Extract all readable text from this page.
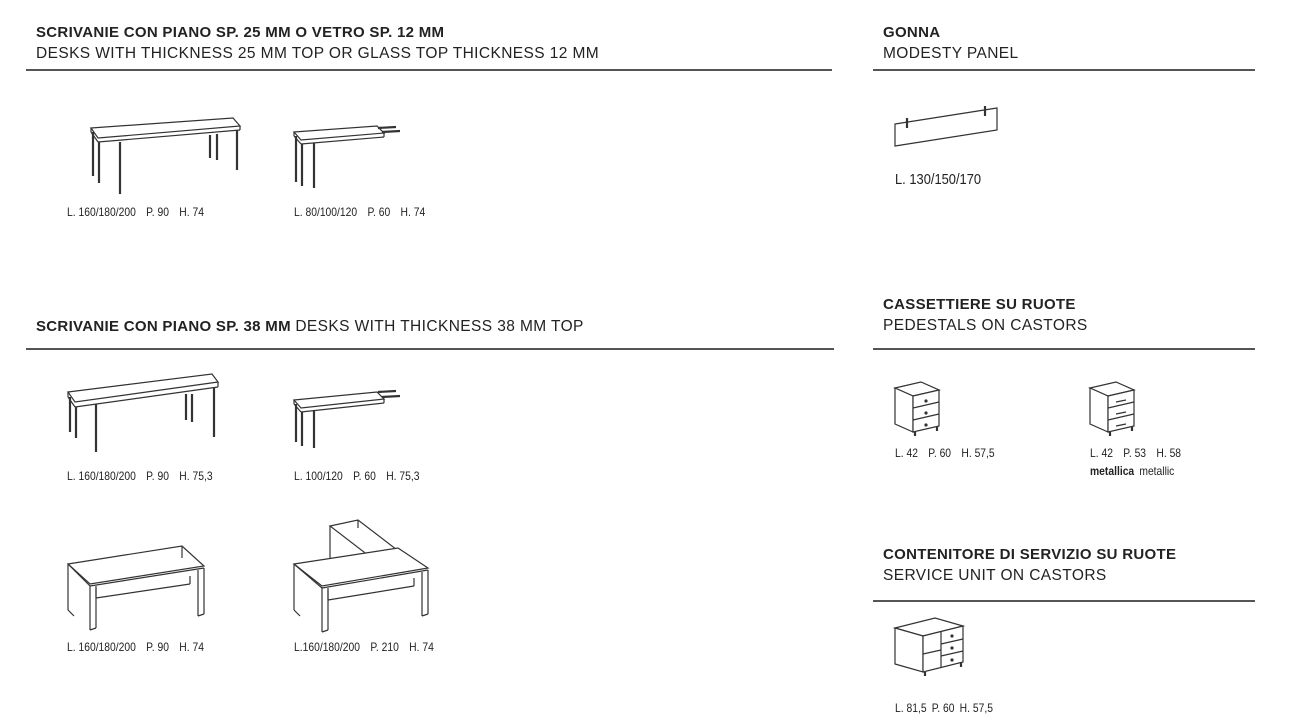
SCRIVANIE CON PIANO SP. 25 MM O VETRO SP. 12 MM
DESKS WITH THICKNESS 25 MM TOP OR GLASS TOP THICKNESS 12 MM
L. 160/180/200 P. 90 H. 74	L. 80/100/120 P. 60 H. 74
SCRIVANIE CON PIANO SP. 38 MM DESKS WITH THICKNESS 38 MM TOP
L. 160/180/200 P. 90 H. 75,3	L. 100/120 P. 60 H. 75,3
L. 160/180/200 P. 90 H. 74	L.160/180/200 P. 210 H. 74
GONNA
MODESTY PANEL
L. 130/150/170
CASSETTIERE SU RUOTE
PEDESTALS ON CASTORS
L. 42 P. 60 H. 57,5	L. 42 P. 53 H. 58
metallica metallic
CONTENITORE DI SERVIZIO SU RUOTE
SERVICE UNIT ON CASTORS
L. 81,5 P. 60 H. 57,5
